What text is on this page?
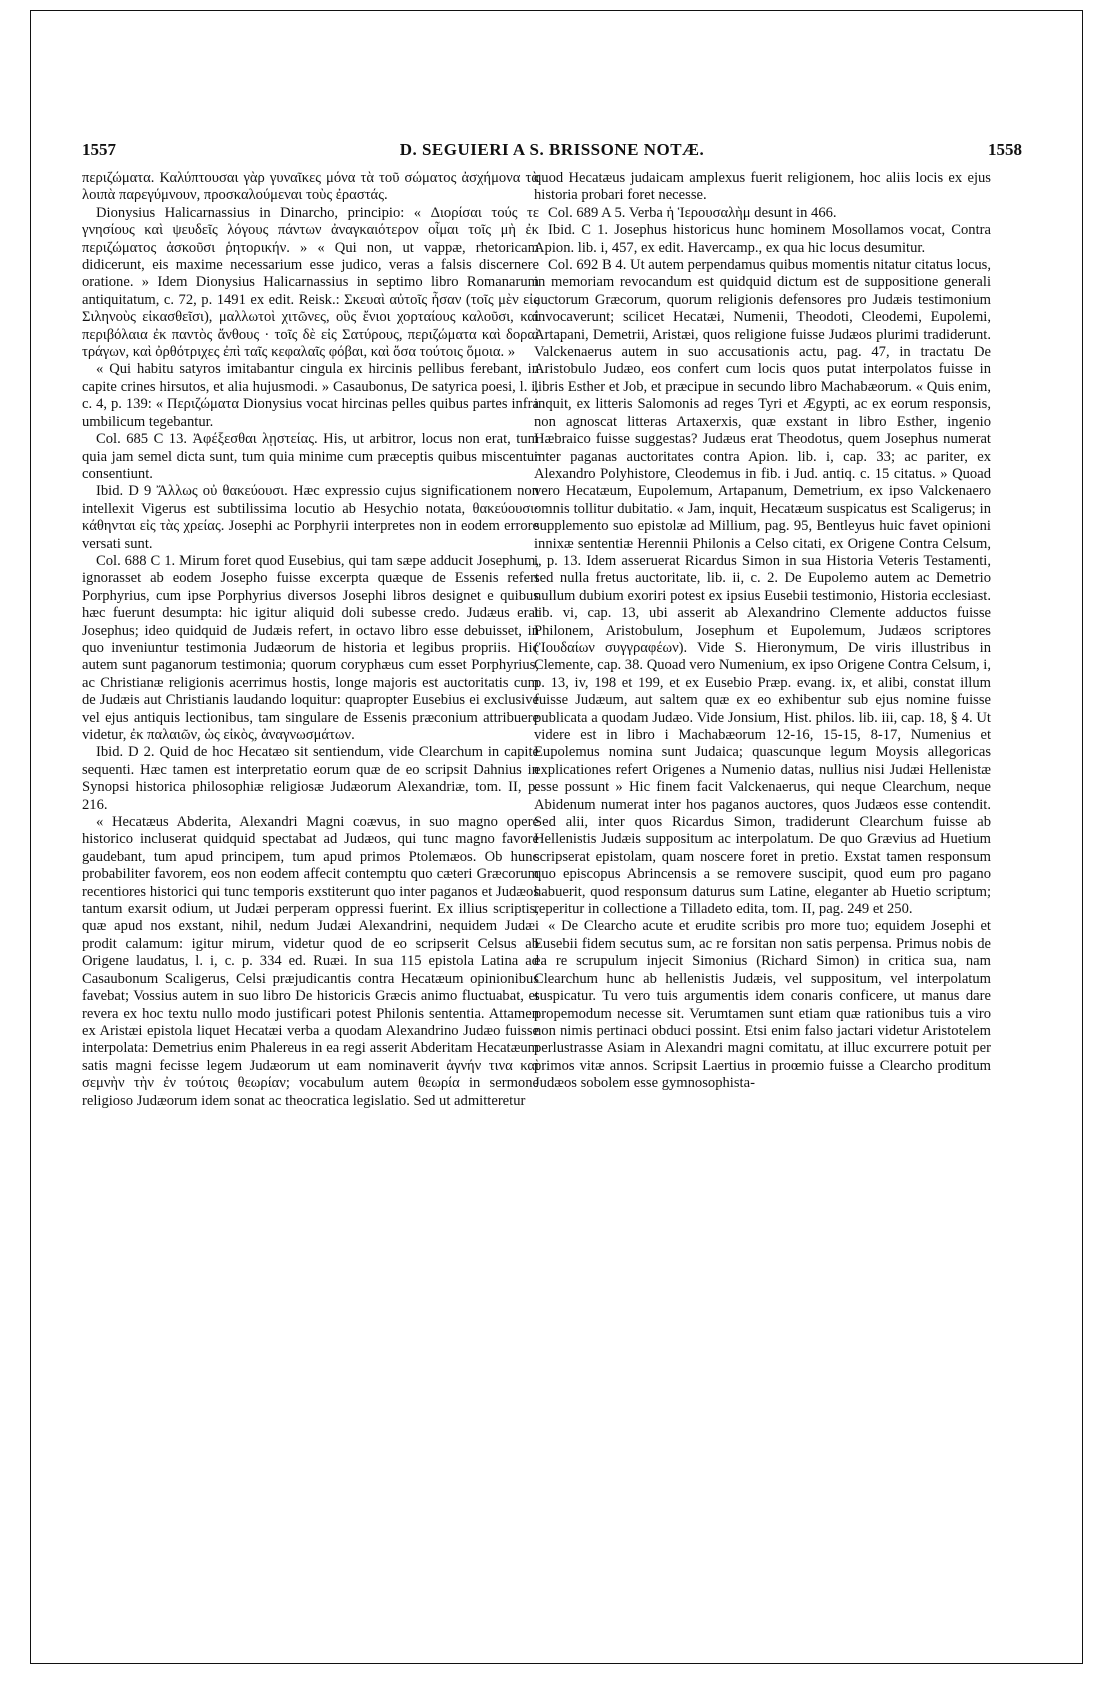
1557	D. SEGUIERI A S. BRISSONE NOTÆ.	1558

περιζώματα. Καλύπτουσαι γὰρ γυναῖκες μόνα τὰ τοῦ σώματος ἀσχήμονα τὰ λοιπὰ παρεγύμνουν, προσκαλούμεναι τοὺς ἐραστάς.

Dionysius Halicarnassius in Dinarcho, principio: « Διορίσαι τούς τε γνησίους καὶ ψευδεῖς λόγους πάντων ἀναγκαιότερον οἶμαι τοῖς μὴ ἐκ περιζώματος ἀσκοῦσι ῥητορικήν. » « Qui non, ut vappæ, rhetoricam didicerunt, eis maxime necessarium esse judico, veras a falsis discernere oratione. » Idem Dionysius Halicarnassius in septimo libro Romanarum antiquitatum, c. 72, p. 1491 ex edit. Reisk.: Σκευαὶ αὐτοῖς ἦσαν (τοῖς μὲν εἰς Σιληνοὺς εἰκασθεῖσι), μαλλωτοὶ χιτῶνες, οὓς ἔνιοι χορταίους καλοῦσι, καὶ περιβόλαια ἐκ παντὸς ἄνθους · τοῖς δὲ εἰς Σατύρους, περιζώματα καὶ δοραὶ τράγων, καὶ ὀρθότριχες ἐπὶ ταῖς κεφαλαῖς φόβαι, καὶ ὅσα τούτοις ὅμοια. »

« Qui habitu satyros imitabantur cingula ex hircinis pellibus ferebant, in capite crines hirsutos, et alia hujusmodi. » Casaubonus, De satyrica poesi, l. i, c. 4, p. 139: « Περιζώματα Dionysius vocat hircinas pelles quibus partes infra umbilicum tegebantur.

Col. 685 C 13. Ἀφέξεσθαι λῃστείας. His, ut arbitror, locus non erat, tum quia jam semel dicta sunt, tum quia minime cum præceptis quibus miscentur consentiunt.

Ibid. D 9 Ἄλλως οὐ θακεύουσι. Hæc expressio cujus significationem non intellexit Vigerus est subtilissima locutio ab Hesychio notata, θακεύουσι· κάθηνται εἰς τὰς χρείας. Josephi ac Porphyrii interpretes non in eodem errore versati sunt.

Col. 688 C 1. Mirum foret quod Eusebius, qui tam sæpe adducit Josephum, ignorasset ab eodem Josepho fuisse excerpta quæque de Essenis refert Porphyrius, cum ipse Porphyrius diversos Josephi libros designet e quibus hæc fuerunt desumpta: hic igitur aliquid doli subesse credo. Judæus erat Josephus; ideo quidquid de Judæis refert, in octavo libro esse debuisset, in quo inveniuntur testimonia Judæorum de historia et legibus propriis. Hic autem sunt paganorum testimonia; quorum coryphæus cum esset Porphyrius, ac Christianæ religionis acerrimus hostis, longe majoris est auctoritatis cum de Judæis aut Christianis laudando loquitur: quapropter Eusebius ei exclusive vel ejus antiquis lectionibus, tam singulare de Essenis præconium attribuere videtur, ἐκ παλαιῶν, ὡς εἰκὸς, ἀναγνωσμάτων.

Ibid. D 2. Quid de hoc Hecatæo sit sentiendum, vide Clearchum in capite sequenti. Hæc tamen est interpretatio eorum quæ de eo scripsit Dahnius in Synopsi historica philosophiæ religiosæ Judæorum Alexandriæ, tom. II, p. 216.

« Hecatæus Abderita, Alexandri Magni coævus, in suo magno opere historico incluserat quidquid spectabat ad Judæos, qui tunc magno favore gaudebant, tum apud principem, tum apud primos Ptolemæos. Ob hunc probabiliter favorem, eos non eodem affecit contemptu quo cæteri Græcorum recentiores historici qui tunc temporis exstiterunt quo inter paganos et Judæos tantum exarsit odium, ut Judæi perperam oppressi fuerint. Ex illius scriptis, quæ apud nos exstant, nihil, nedum Judæi Alexandrini, nequidem Judæi prodit calamum: igitur mirum, videtur quod de eo scripserit Celsus ab Origene laudatus, l. i, c. p. 334 ed. Ruæi. In sua 115 epistola Latina ad Casaubonum Scaligerus, Celsi præjudicantis contra Hecatæum opinionibus favebat; Vossius autem in suo libro De historicis Græcis animo fluctuabat, et revera ex hoc textu nullo modo justificari potest Philonis sententia. Attamen ex Aristæi epistola liquet Hecatæi verba a quodam Alexandrino Judæo fuisse interpolata: Demetrius enim Phalereus in ea regi asserit Abderitam Hecatæum satis magni fecisse legem Judæorum ut eam nominaverit ἁγνήν τινα καὶ σεμνὴν τὴν ἐν τούτοις θεωρίαν; vocabulum autem θεωρία in sermone religioso Judæorum idem sonat ac theocratica legislatio. Sed ut admitteretur

quod Hecatæus judaicam amplexus fuerit religionem, hoc aliis locis ex ejus historia probari foret necesse.

Col. 689 A 5. Verba ἡ Ἱερουσαλὴμ desunt in 466.

Ibid. C 1. Josephus historicus hunc hominem Mosollamos vocat, Contra Apion. lib. i, 457, ex edit. Havercamp., ex qua hic locus desumitur.

Col. 692 B 4. Ut autem perpendamus quibus momentis nitatur citatus locus, in memoriam revocandum est quidquid dictum est de suppositione generali auctorum Græcorum, quorum religionis defensores pro Judæis testimonium invocaverunt; scilicet Hecatæi, Numenii, Theodoti, Cleodemi, Eupolemi, Artapani, Demetrii, Aristæi, quos religione fuisse Judæos plurimi tradiderunt. Valckenaerus autem in suo accusationis actu, pag. 47, in tractatu De Aristobulo Judæo, eos confert cum locis quos putat interpolatos fuisse in libris Esther et Job, et præcipue in secundo libro Machabæorum. « Quis enim, inquit, ex litteris Salomonis ad reges Tyri et Ægypti, ac ex eorum responsis, non agnoscat litteras Artaxerxis, quæ exstant in libro Esther, ingenio Hæbraico fuisse suggestas? Judæus erat Theodotus, quem Josephus numerat inter paganas auctoritates contra Apion. lib. i, cap. 33; ac pariter, ex Alexandro Polyhistore, Cleodemus in fib. i Jud. antiq. c. 15 citatus. » Quoad vero Hecatæum, Eupolemum, Artapanum, Demetrium, ex ipso Valckenaero omnis tollitur dubitatio. « Jam, inquit, Hecatæum suspicatus est Scaligerus; in supplemento suo epistolæ ad Millium, pag. 95, Bentleyus huic favet opinioni innixæ sententiæ Herennii Philonis a Celso citati, ex Origene Contra Celsum, i, p. 13. Idem asseruerat Ricardus Simon in sua Historia Veteris Testamenti, sed nulla fretus auctoritate, lib. ii, c. 2. De Eupolemo autem ac Demetrio nullum dubium exoriri potest ex ipsius Eusebii testimonio, Historia ecclesiast. lib. vi, cap. 13, ubi asserit ab Alexandrino Clemente adductos fuisse Philonem, Aristobulum, Josephum et Eupolemum, Judæos scriptores (Ἰουδαίων συγγραφέων). Vide S. Hieronymum, De viris illustribus in Clemente, cap. 38. Quoad vero Numenium, ex ipso Origene Contra Celsum, i, p. 13, iv, 198 et 199, et ex Eusebio Præp. evang. ix, et alibi, constat illum fuisse Judæum, aut saltem quæ ex eo exhibentur sub ejus nomine fuisse publicata a quodam Judæo. Vide Jonsium, Hist. philos. lib. iii, cap. 18, § 4. Ut videre est in libro i Machabæorum 12-16, 15-15, 8-17, Numenius et Eupolemus nomina sunt Judaica; quascunque legum Moysis allegoricas explicationes refert Origenes a Numenio datas, nullius nisi Judæi Hellenistæ esse possunt » Hic finem facit Valckenaerus, qui neque Clearchum, neque Abidenum numerat inter hos paganos auctores, quos Judæos esse contendit. Sed alii, inter quos Ricardus Simon, tradiderunt Clearchum fuisse ab Hellenistis Judæis suppositum ac interpolatum. De quo Grævius ad Huetium scripserat epistolam, quam noscere foret in pretio. Exstat tamen responsum quo episcopus Abrincensis a se removere suscipit, quod eum pro pagano habuerit, quod responsum daturus sum Latine, eleganter ab Huetio scriptum; reperitur in collectione a Tilladeto edita, tom. II, pag. 249 et 250.

« De Clearcho acute et erudite scribis pro more tuo; equidem Josephi et Eusebii fidem secutus sum, ac re forsitan non satis perpensa. Primus nobis de ea re scrupulum injecit Simonius (Richard Simon) in critica sua, nam Clearchum hunc ab hellenistis Judæis, vel suppositum, vel interpolatum suspicatur. Tu vero tuis argumentis idem conaris conficere, ut manus dare propemodum necesse sit. Verumtamen sunt etiam quæ rationibus tuis a viro non nimis pertinaci obduci possint. Etsi enim falso jactari videtur Aristotelem perlustrasse Asiam in Alexandri magni comitatu, at illuc excurrere potuit per primos vitæ annos. Scripsit Laertius in proœmio fuisse a Clearcho proditum Judæos sobolem esse gymnosophista-
